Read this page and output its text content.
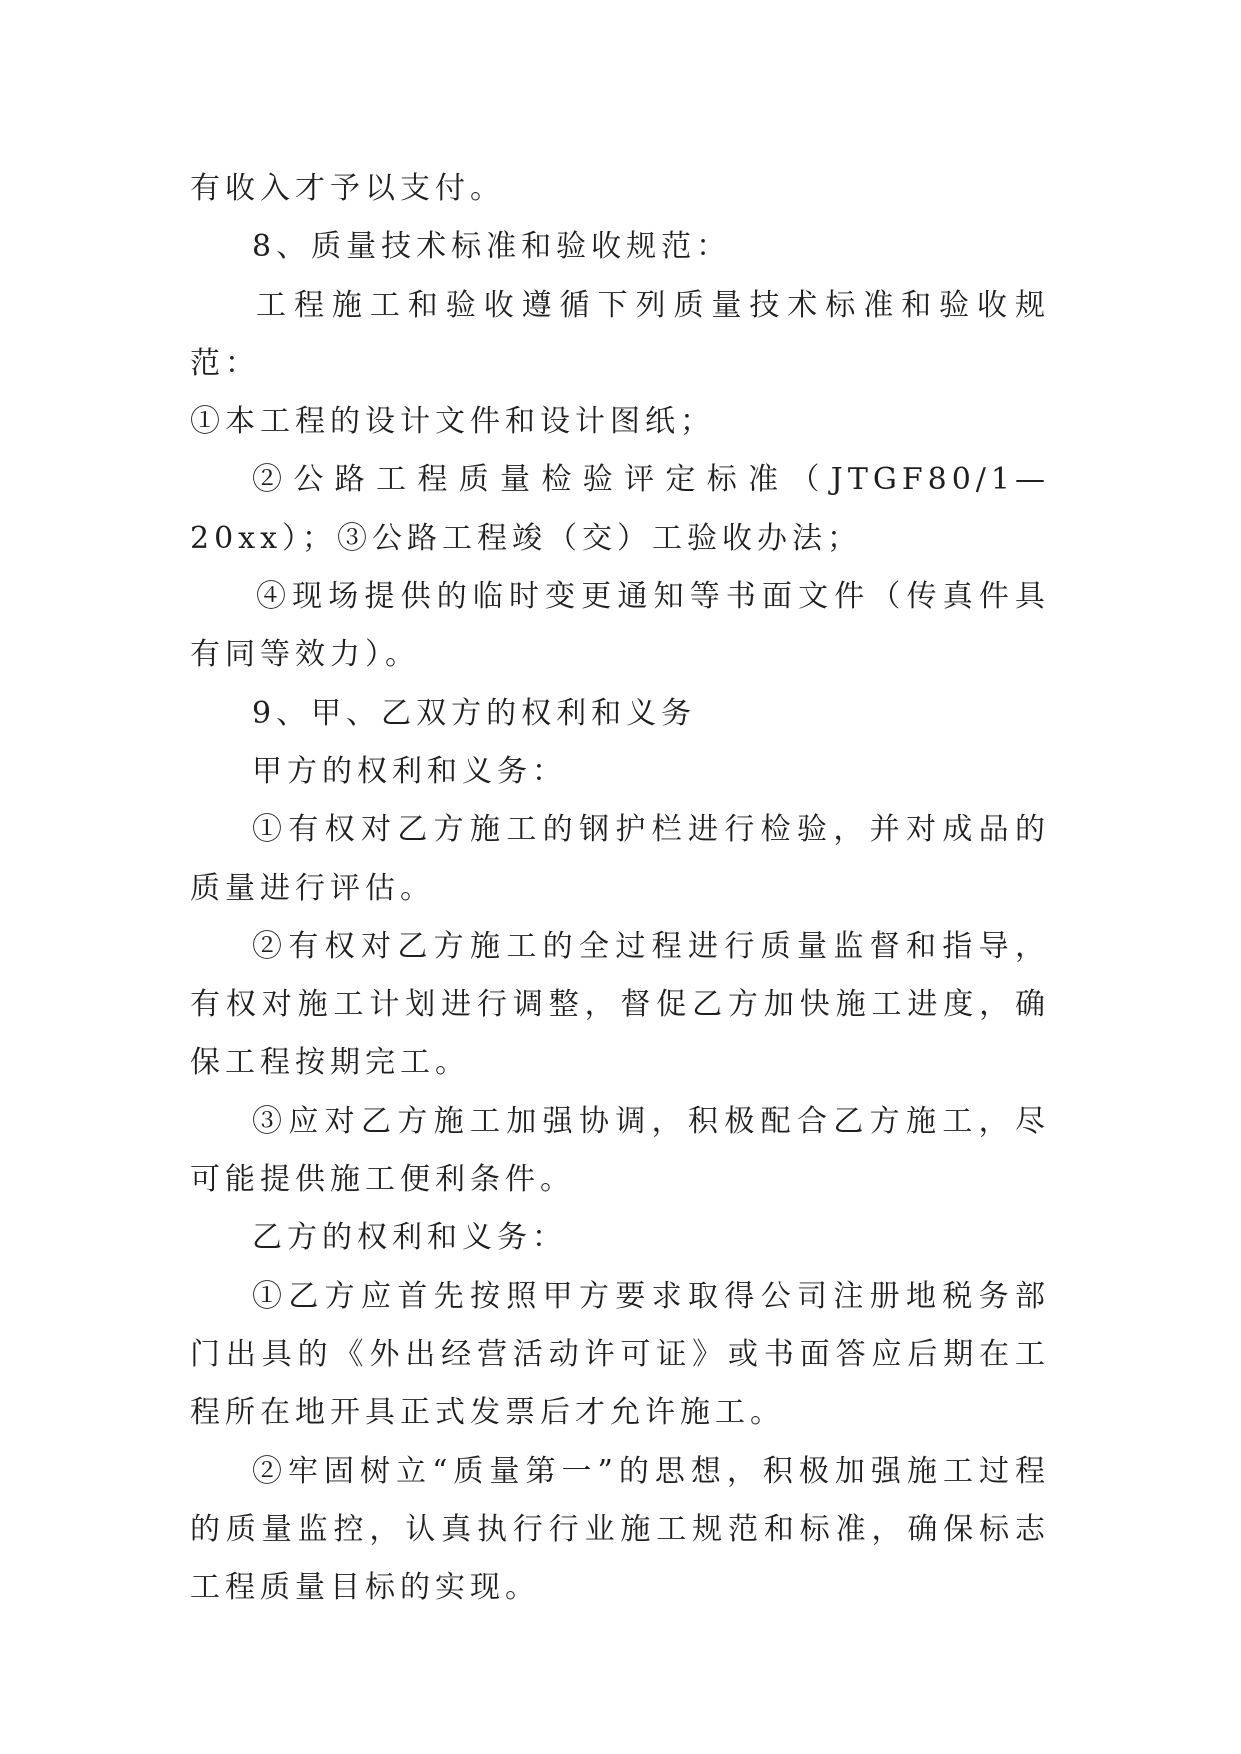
有收入才予以支付。

8、质量技术标准和验收规范：

工程施工和验收遵循下列质量技术标准和验收规范：

①本工程的设计文件和设计图纸；

②公路工程质量检验评定标准（JTGF80/1—20xx）；③公路工程竣（交）工验收办法；

④现场提供的临时变更通知等书面文件（传真件具有同等效力）。

9、甲、乙双方的权利和义务

甲方的权利和义务：

①有权对乙方施工的钢护栏进行检验，并对成品的质量进行评估。

②有权对乙方施工的全过程进行质量监督和指导，有权对施工计划进行调整，督促乙方加快施工进度，确保工程按期完工。

③应对乙方施工加强协调，积极配合乙方施工，尽可能提供施工便利条件。

乙方的权利和义务：

①乙方应首先按照甲方要求取得公司注册地税务部门出具的《外出经营活动许可证》或书面答应后期在工程所在地开具正式发票后才允许施工。

②牢固树立“质量第一”的思想，积极加强施工过程的质量监控，认真执行行业施工规范和标准，确保标志工程质量目标的实现。
